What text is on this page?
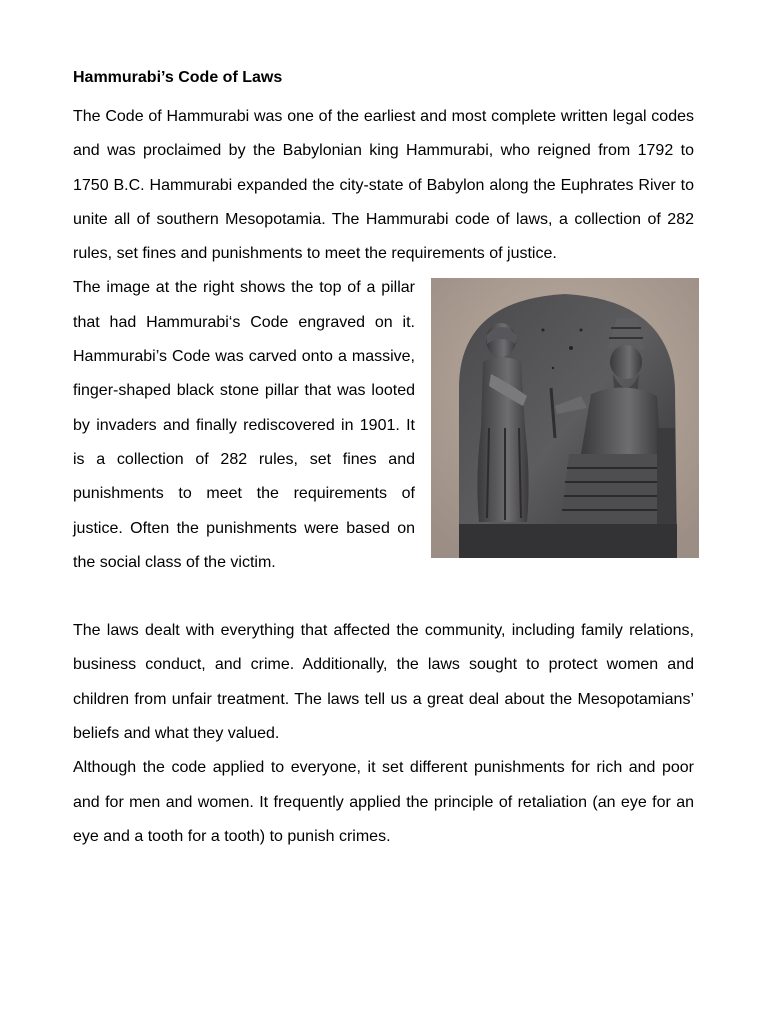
Hammurabi’s Code of Laws

The Code of Hammurabi was one of the earliest and most complete written legal codes and was proclaimed by the Babylonian king Hammurabi, who reigned from 1792 to 1750 B.C. Hammurabi expanded the city-state of Babylon along the Euphrates River to unite all of southern Mesopotamia. The Hammurabi code of laws, a collection of 282 rules, set fines and punishments to meet the requirements of justice.

The image at the right shows the top of a pillar that had Hammurabi‘s Code engraved on it. Hammurabi’s Code was carved onto a massive, finger-shaped black stone pillar that was looted by invaders and finally rediscovered in 1901. It is a collection of 282 rules, set fines and punishments to meet the requirements of justice. Often the punishments were based on the social class of the victim.

The laws dealt with everything that affected the community, including family relations, business conduct, and crime. Additionally, the laws sought to protect women and children from unfair treatment. The laws tell us a great deal about the Mesopotamians’ beliefs and what they valued.

Although the code applied to everyone, it set different punishments for rich and poor and for men and women. It frequently applied the principle of retaliation (an eye for an eye and a tooth for a tooth) to punish crimes.
